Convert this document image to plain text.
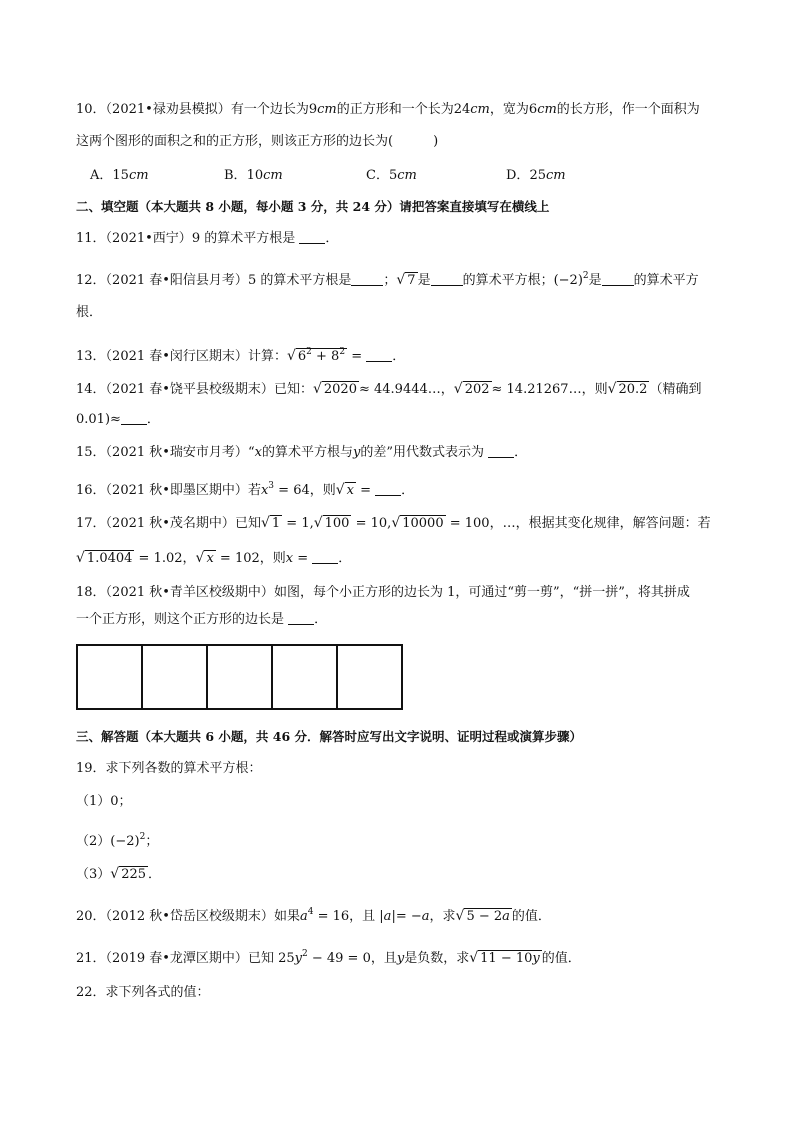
10．（2021•禄劝县模拟）有一个边长为9cm的正方形和一个长为24cm，宽为6cm的长方形，作一个面积为
这两个图形的面积之和的正方形，则该正方形的边长为(	)
A．15cm	B．10cm	C．5cm	D．25cm
二、填空题（本大题共 8 小题，每小题 3 分，共 24 分）请把答案直接填写在横线上
11．（2021•西宁）9 的算术平方根是 ．
12．（2021 春•阳信县月考）5 的算术平方根是 ；√ 7 是 的算术平方根；$(-2)^2$是 的算术平方
根．
13．（2021 春•闵行区期末）计算：√ $6^2 + 8^2$ = ．
14．（2021 春•饶平县校级期末）已知：√ 2020 ≈ 44.9444…，√ 202 ≈ 14.21267…，则√ 20.2 （精确到
0.01)≈ ．
15．（2021 秋•瑞安市月考）“x的算术平方根与y的差”用代数式表示为 ．
16．（2021 秋•即墨区期中）若$x^3 = 64$，则√ x = ．
17．（2021 秋•茂名期中）已知√ 1 = 1,√ 100 = 10,√ 10000 = 100，…，根据其变化规律，解答问题：若
√ 1.0404 = 1.02，√ x = 102，则x = ．
18．（2021 秋•青羊区校级期中）如图，每个小正方形的边长为 1，可通过“剪一剪”，“拼一拼”，将其拼成
一个正方形，则这个正方形的边长是 ．
三、解答题（本大题共 6 小题，共 46 分．解答时应写出文字说明、证明过程或演算步骤）
19．求下列各数的算术平方根：
（1）0；
$(2)(-2)^2$；
（3）√ 225 ．
20．（2012 秋•岱岳区校级期末）如果$a^4 = 16$，且 |a|= −a，求√ 5 − 2a 的值．
21．（2019 春•龙潭区期中）已知 $25y^2 - 49 = 0$，且y是负数，求√ 11 − 10y 的值．
22．求下列各式的值：
